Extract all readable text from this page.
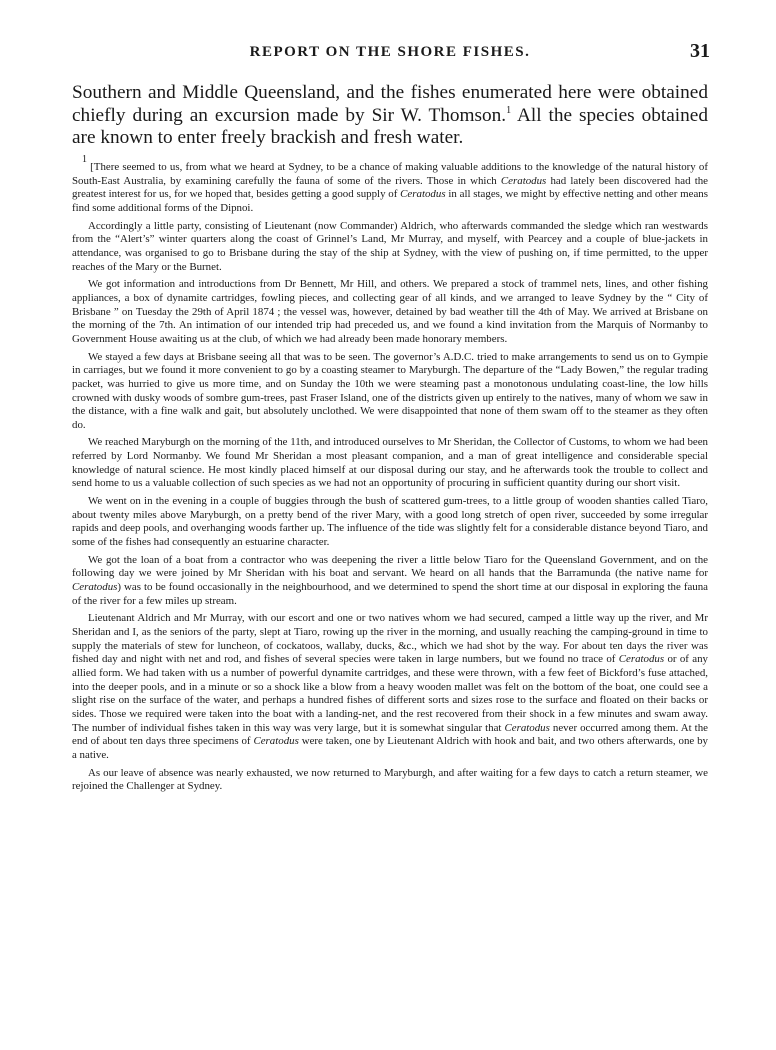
REPORT ON THE SHORE FISHES.	31
Southern and Middle Queensland, and the fishes enumerated here were obtained chiefly during an excursion made by Sir W. Thomson.$^1$ All the species obtained are known to enter freely brackish and fresh water.

$^1$ [There seemed to us, from what we heard at Sydney, to be a chance of making valuable additions to the knowledge of the natural history of South-East Australia, by examining carefully the fauna of some of the rivers. Those in which Ceratodus had lately been discovered had the greatest interest for us, for we hoped that, besides getting a good supply of Ceratodus in all stages, we might by effective netting and other means find some additional forms of the Dipnoi.

Accordingly a little party, consisting of Lieutenant (now Commander) Aldrich, who afterwards commanded the sledge which ran westwards from the “Alert’s” winter quarters along the coast of Grinnel’s Land, Mr Murray, and myself, with Pearcey and a couple of blue-jackets in attendance, was organised to go to Brisbane during the stay of the ship at Sydney, with the view of pushing on, if time permitted, to the upper reaches of the Mary or the Burnet.

We got information and introductions from Dr Bennett, Mr Hill, and others. We prepared a stock of trammel nets, lines, and other fishing appliances, a box of dynamite cartridges, fowling pieces, and collecting gear of all kinds, and we arranged to leave Sydney by the “ City of Brisbane ” on Tuesday the 29th of April 1874 ; the vessel was, however, detained by bad weather till the 4th of May. We arrived at Brisbane on the morning of the 7th. An intimation of our intended trip had preceded us, and we found a kind invitation from the Marquis of Normanby to Government House awaiting us at the club, of which we had already been made honorary members.

We stayed a few days at Brisbane seeing all that was to be seen. The governor’s A.D.C. tried to make arrangements to send us on to Gympie in carriages, but we found it more convenient to go by a coasting steamer to Maryburgh. The departure of the “Lady Bowen,” the regular trading packet, was hurried to give us more time, and on Sunday the 10th we were steaming past a monotonous undulating coast-line, the low hills crowned with dusky woods of sombre gum-trees, past Fraser Island, one of the districts given up entirely to the natives, many of whom we saw in the distance, with a fine walk and gait, but absolutely unclothed. We were disappointed that none of them swam off to the steamer as they often do.

We reached Maryburgh on the morning of the 11th, and introduced ourselves to Mr Sheridan, the Collector of Customs, to whom we had been referred by Lord Normanby. We found Mr Sheridan a most pleasant companion, and a man of great intelligence and considerable special knowledge of natural science. He most kindly placed himself at our disposal during our stay, and he afterwards took the trouble to collect and send home to us a valuable collection of such species as we had not an opportunity of procuring in sufficient quantity during our short visit.

We went on in the evening in a couple of buggies through the bush of scattered gum-trees, to a little group of wooden shanties called Tiaro, about twenty miles above Maryburgh, on a pretty bend of the river Mary, with a good long stretch of open river, succeeded by some irregular rapids and deep pools, and overhanging woods farther up. The influence of the tide was slightly felt for a considerable distance beyond Tiaro, and some of the fishes had consequently an estuarine character.

We got the loan of a boat from a contractor who was deepening the river a little below Tiaro for the Queensland Government, and on the following day we were joined by Mr Sheridan with his boat and servant. We heard on all hands that the Barramunda (the native name for Ceratodus) was to be found occasionally in the neighbourhood, and we determined to spend the short time at our disposal in exploring the fauna of the river for a few miles up stream.

Lieutenant Aldrich and Mr Murray, with our escort and one or two natives whom we had secured, camped a little way up the river, and Mr Sheridan and I, as the seniors of the party, slept at Tiaro, rowing up the river in the morning, and usually reaching the camping-ground in time to supply the materials of stew for luncheon, of cockatoos, wallaby, ducks, &c., which we had shot by the way. For about ten days the river was fished day and night with net and rod, and fishes of several species were taken in large numbers, but we found no trace of Ceratodus or of any allied form. We had taken with us a number of powerful dynamite cartridges, and these were thrown, with a few feet of Bickford’s fuse attached, into the deeper pools, and in a minute or so a shock like a blow from a heavy wooden mallet was felt on the bottom of the boat, one could see a slight rise on the surface of the water, and perhaps a hundred fishes of different sorts and sizes rose to the surface and floated on their backs or sides. Those we required were taken into the boat with a landing-net, and the rest recovered from their shock in a few minutes and swam away. The number of individual fishes taken in this way was very large, but it is somewhat singular that Ceratodus never occurred among them. At the end of about ten days three specimens of Ceratodus were taken, one by Lieutenant Aldrich with hook and bait, and two others afterwards, one by a native.

As our leave of absence was nearly exhausted, we now returned to Maryburgh, and after waiting for a few days to catch a return steamer, we rejoined the Challenger at Sydney.
